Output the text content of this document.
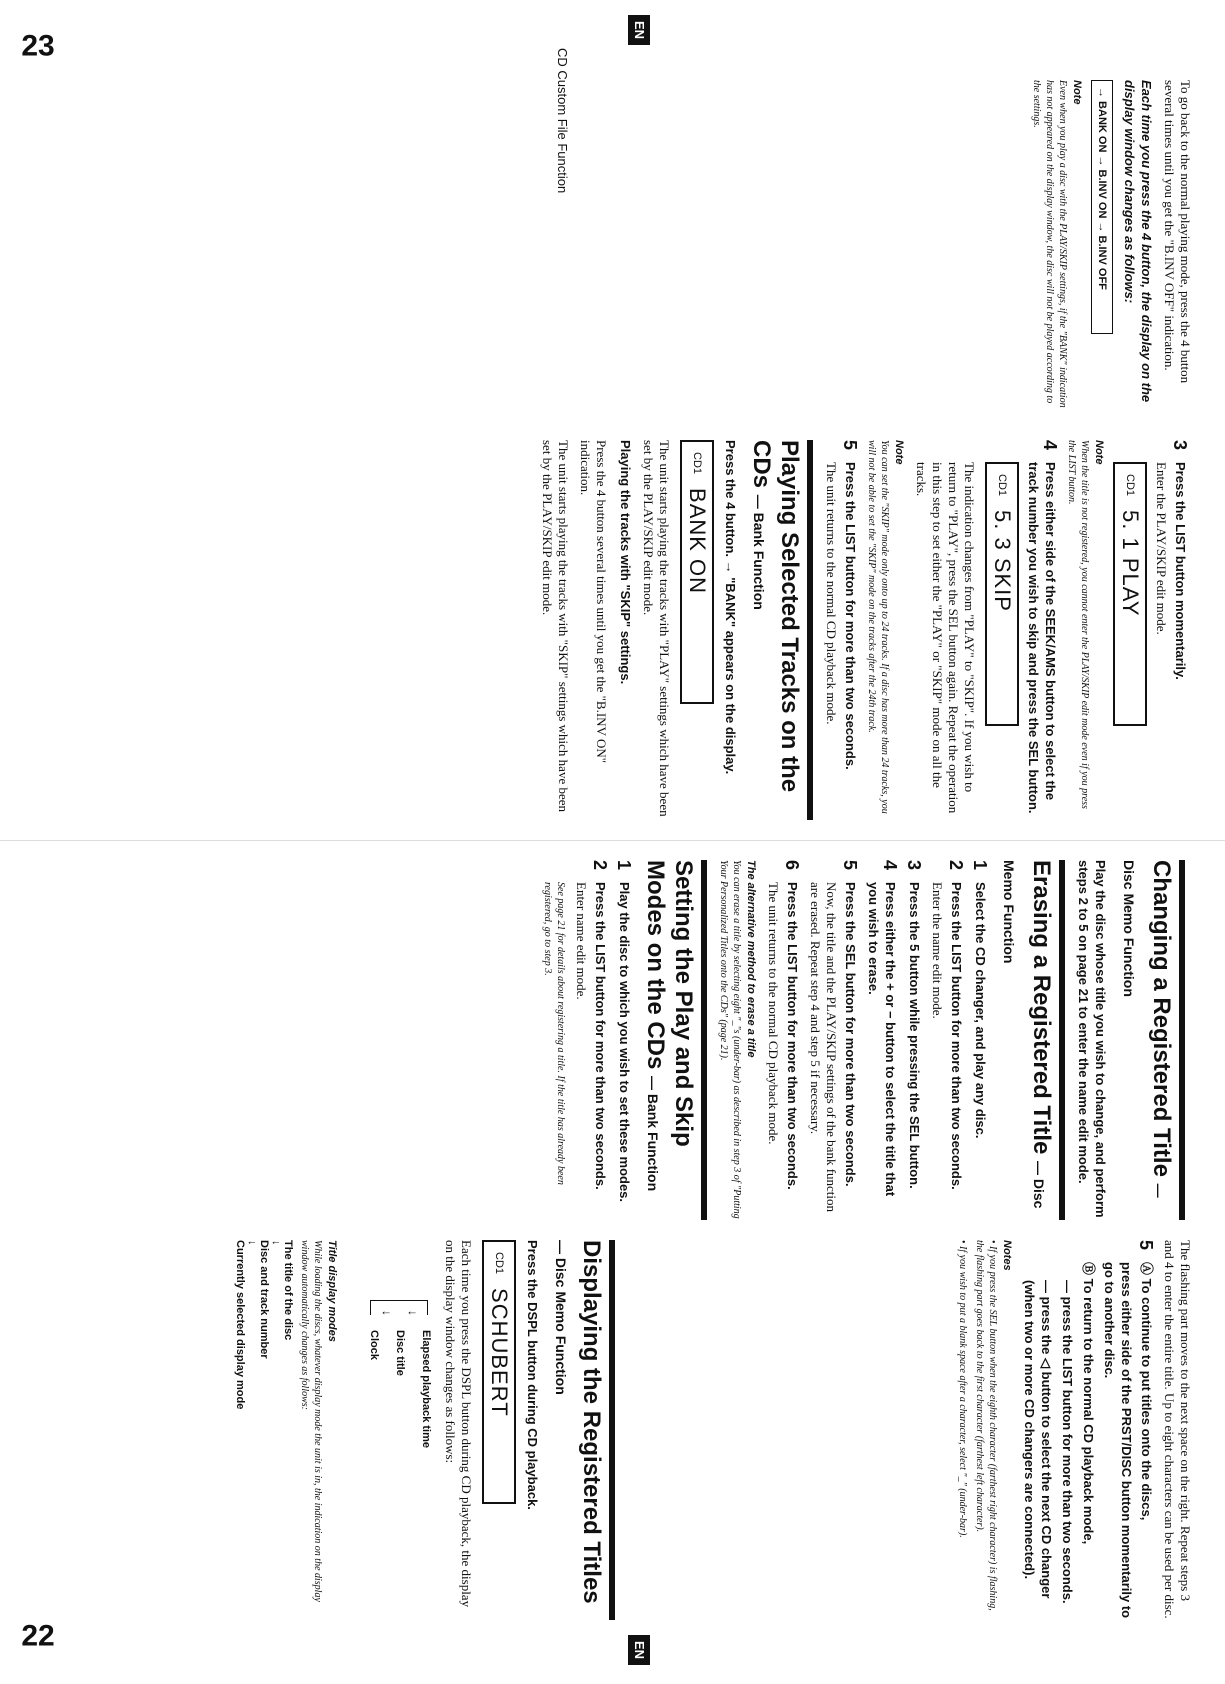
22
23
EN
EN
CD Custom File Function
The flashing part moves to the next space on the right. Repeat steps 3 and 4 to enter the entire title. Up to eight characters can be used per disc.
5
Ⓐ To continue to put titles onto the discs,
press either side of the PRST/DISC button momentarily to go to another disc.
Ⓑ To return to the normal CD playback mode,
— press the LIST button for more than two seconds.
— press the ◁ button to select the next CD changer (when two or more CD changers are connected).
Notes
• If you press the SEL button when the eighth character (farthest right character) is flashing, the flashing part goes back to the first character (farthest left character).
• If you wish to put a blank space after a character, select "_" (under-bar).
Displaying the Registered Titles — Disc Memo Function
Press the DSPL button during CD playback.
CD1
SCHUBERT
Each time you press the DSPL button during CD playback, the display on the display window changes as follows:
Elapsed playback time
Disc title
Clock
↓
↓
Title display modes
While loading the discs, whatever display mode the unit is in, the indication on the display window automatically changes as follows:
The title of the disc
↓
Disc and track number
↓
Currently selected display mode
Changing a Registered Title — Disc Memo Function
Play the disc whose title you wish to change, and perform steps 2 to 5 on page 21 to enter the name edit mode.
Erasing a Registered Title — Disc Memo Function
1
Select the CD changer, and play any disc.
2
Press the LIST button for more than two seconds.
Enter the name edit mode.
3
Press the 5 button while pressing the SEL button.
4
Press either the + or − button to select the title that you wish to erase.
5
Press the SEL button for more than two seconds.
Now, the title and the PLAY/SKIP settings of the bank function are erased. Repeat step 4 and step 5 if necessary.
6
Press the LIST button for more than two seconds.
The unit returns to the normal CD playback mode.
The alternative method to erase a title
You can erase a title by selecting eight "_"s (under-bar) as described in step 3 of "Putting Your Personalized Titles onto the CDs" (page 21).
Setting the Play and Skip Modes on the CDs — Bank Function
1
Play the disc to which you wish to set these modes.
2
Press the LIST button for more than two seconds.
Enter name edit mode.
See page 21 for details about registering a title. If the title has already been registered, go to step 3.
3
Press the LIST button momentarily.
Enter the PLAY/SKIP edit mode.
CD1
5. 1 PLAY
Note
When the title is not registered, you cannot enter the PLAY/SKIP edit mode even if you press the LIST button.
4
Press either side of the SEEK/AMS button to select the track number you wish to skip and press the SEL button.
CD1
5. 3 SKIP
The indication changes from "PLAY" to "SKIP". If you wish to return to "PLAY", press the SEL button again. Repeat the operation in this step to set either the "PLAY" or "SKIP" mode on all the tracks.
Note
You can set the "SKIP" mode only onto up to 24 tracks. If a disc has more than 24 tracks, you will not be able to set the "SKIP" mode on the tracks after the 24th track.
5
Press the LIST button for more than two seconds.
The unit returns to the normal CD playback mode.
Playing Selected Tracks on the CDs — Bank Function
Press the 4 button. → "BANK" appears on the display.
CD1
BANK ON
The unit starts playing the tracks with "PLAY" settings which have been set by the PLAY/SKIP edit mode.
Playing the tracks with "SKIP" settings.
Press the 4 button several times until you get the "B.INV ON" indication.
The unit starts playing the tracks with "SKIP" settings which have been set by the PLAY/SKIP edit mode.
To go back to the normal playing mode, press the 4 button several times until you get the "B.INV OFF" indication.
Each time you press the 4 button, the display on the display window changes as follows:
→ BANK ON → B.INV ON → B.INV OFF
Note
Even when you play a disc with the PLAY/SKIP settings, if the "BANK" indication has not appeared on the display window, the disc will not be played according to the settings.
